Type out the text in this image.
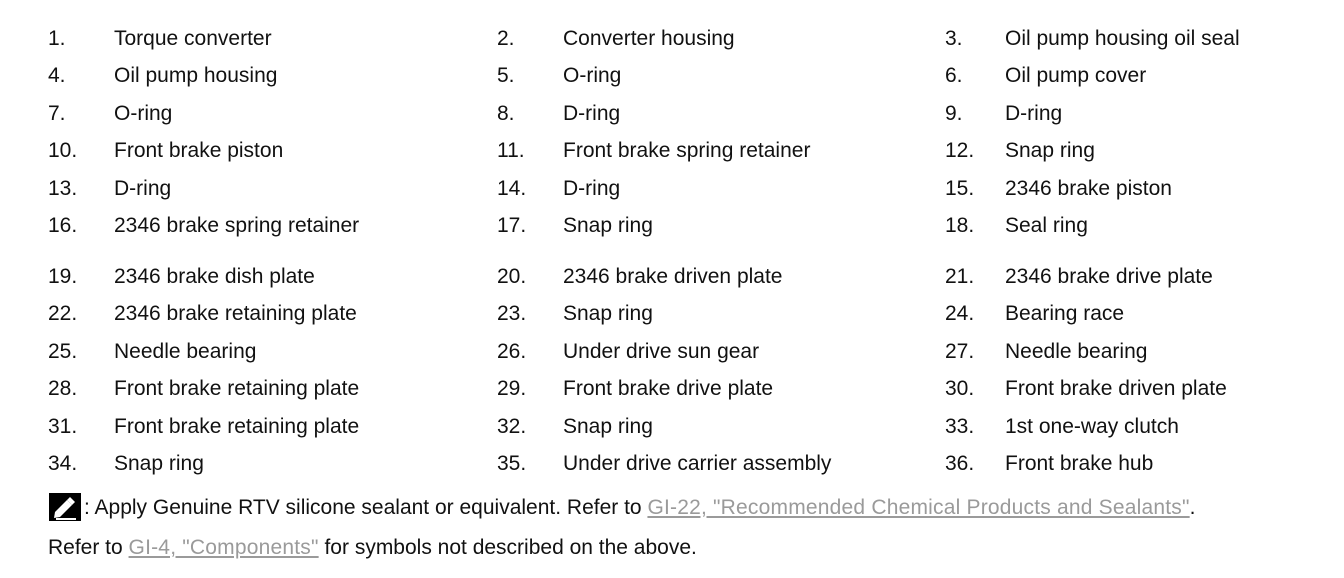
1. Torque converter	2. Converter housing	3. Oil pump housing oil seal
4. Oil pump housing	5. O-ring	6. Oil pump cover
7. O-ring	8. D-ring	9. D-ring
10. Front brake piston	11. Front brake spring retainer	12. Snap ring
13. D-ring	14. D-ring	15. 2346 brake piston
16. 2346 brake spring retainer	17. Snap ring	18. Seal ring
19. 2346 brake dish plate	20. 2346 brake driven plate	21. 2346 brake drive plate
22. 2346 brake retaining plate	23. Snap ring	24. Bearing race
25. Needle bearing	26. Under drive sun gear	27. Needle bearing
28. Front brake retaining plate	29. Front brake drive plate	30. Front brake driven plate
31. Front brake retaining plate	32. Snap ring	33. 1st one-way clutch
34. Snap ring	35. Under drive carrier assembly	36. Front brake hub
: Apply Genuine RTV silicone sealant or equivalent. Refer to GI-22, "Recommended Chemical Products and Sealants".
Refer to GI-4, "Components" for symbols not described on the above.
